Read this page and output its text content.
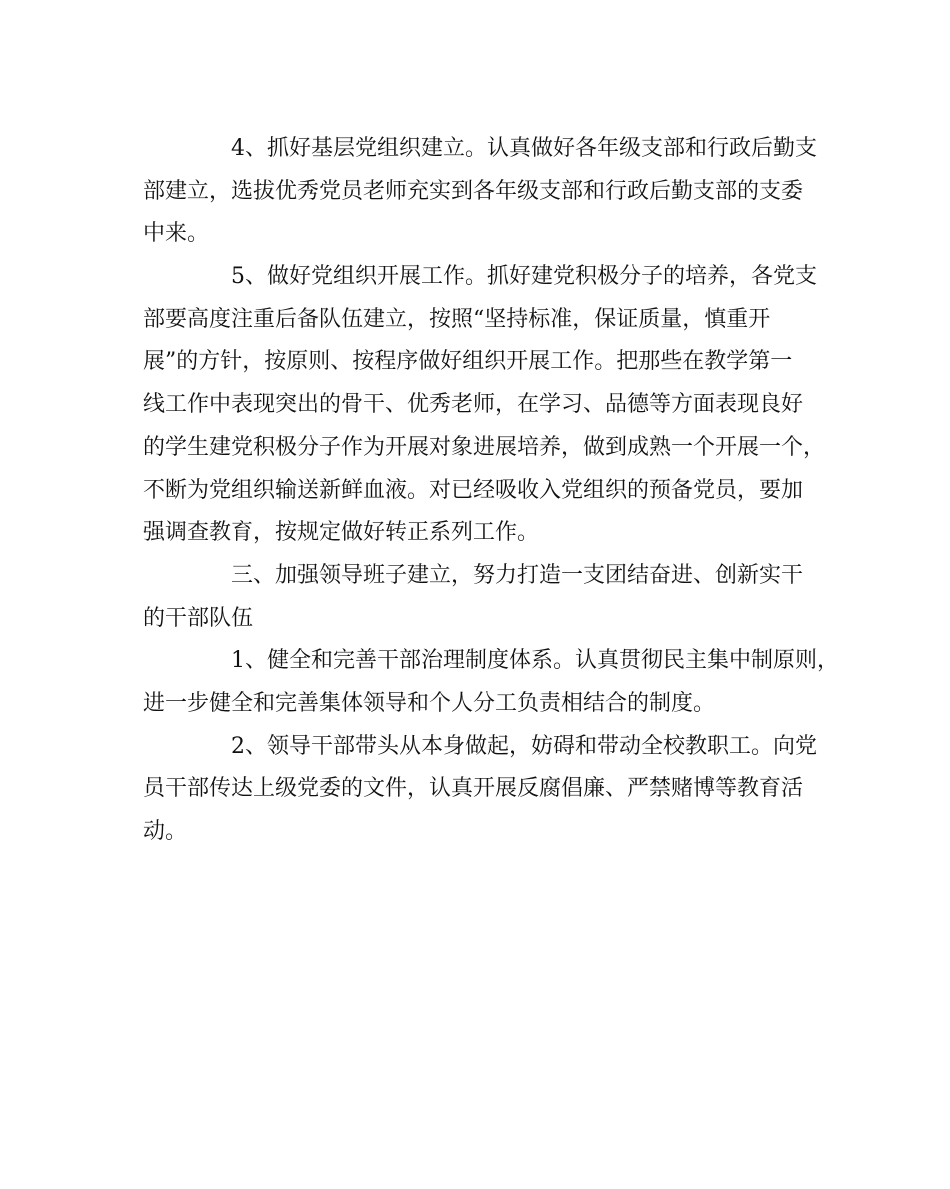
4、抓好基层党组织建立。认真做好各年级支部和行政后勤支
部建立，选拔优秀党员老师充实到各年级支部和行政后勤支部的支委
中来。
5、做好党组织开展工作。抓好建党积极分子的培养，各党支
部要高度注重后备队伍建立，按照“坚持标准，保证质量，慎重开
展”的方针，按原则、按程序做好组织开展工作。把那些在教学第一
线工作中表现突出的骨干、优秀老师，在学习、品德等方面表现良好
的学生建党积极分子作为开展对象进展培养，做到成熟一个开展一个，
不断为党组织输送新鲜血液。对已经吸收入党组织的预备党员，要加
强调查教育，按规定做好转正系列工作。
三、加强领导班子建立，努力打造一支团结奋进、创新实干
的干部队伍
1、健全和完善干部治理制度体系。认真贯彻民主集中制原则，
进一步健全和完善集体领导和个人分工负责相结合的制度。
2、领导干部带头从本身做起，妨碍和带动全校教职工。向党
员干部传达上级党委的文件，认真开展反腐倡廉、严禁赌博等教育活
动。
